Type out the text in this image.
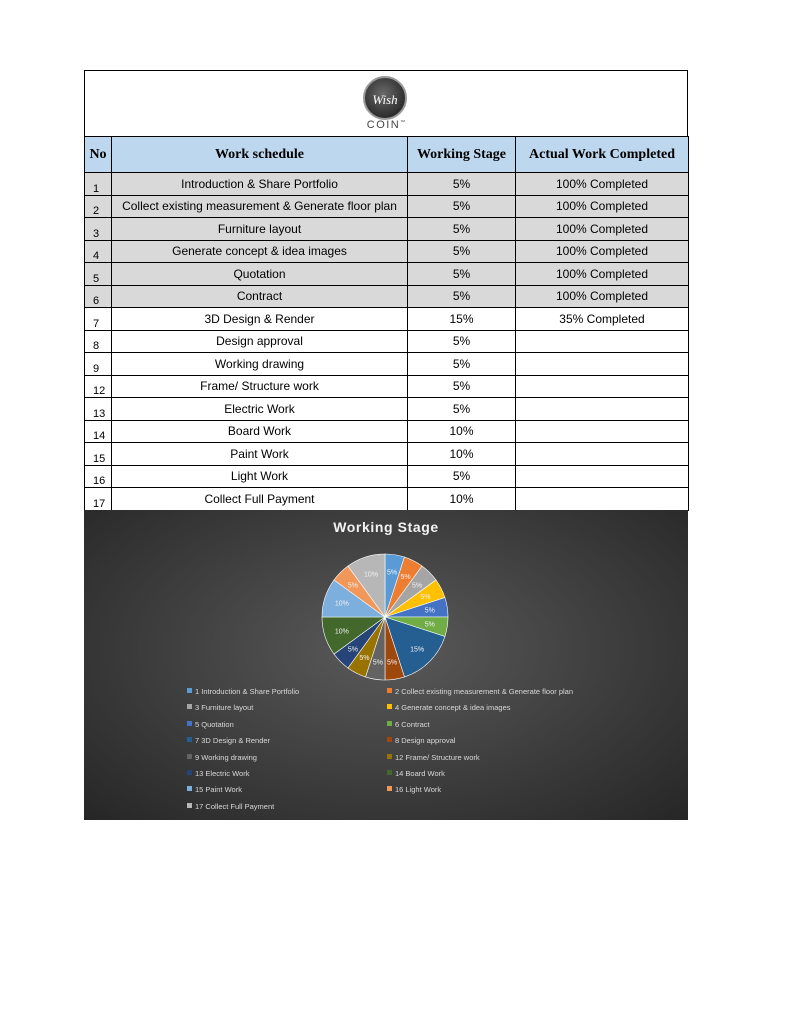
Wish
COIN™
No	Work schedule	Working Stage	Actual Work Completed
1	Introduction & Share Portfolio	5%	100% Completed
2	Collect existing measurement & Generate floor plan	5%	100% Completed
3	Furniture layout	5%	100% Completed
4	Generate concept & idea images	5%	100% Completed
5	Quotation	5%	100% Completed
6	Contract	5%	100% Completed
7	3D Design & Render	15%	35% Completed
8	Design approval	5%	
9	Working drawing	5%	
12	Frame/ Structure work	5%	
13	Electric Work	5%	
14	Board Work	10%	
15	Paint Work	10%	
16	Light Work	5%	
17	Collect Full Payment	10%	
Working Stage
5%
5%
5%
5%
5%
5%
15%
5%
5%
5%
5%
10%
10%
5%
10%
1 Introduction & Share Portfolio	2 Collect existing measurement & Generate floor plan
3 Furniture layout	4 Generate concept & idea images
5 Quotation	6 Contract
7 3D Design & Render	8 Design approval
9 Working drawing	12 Frame/ Structure work
13 Electric Work	14 Board Work
15 Paint Work	16 Light Work
17 Collect Full Payment
